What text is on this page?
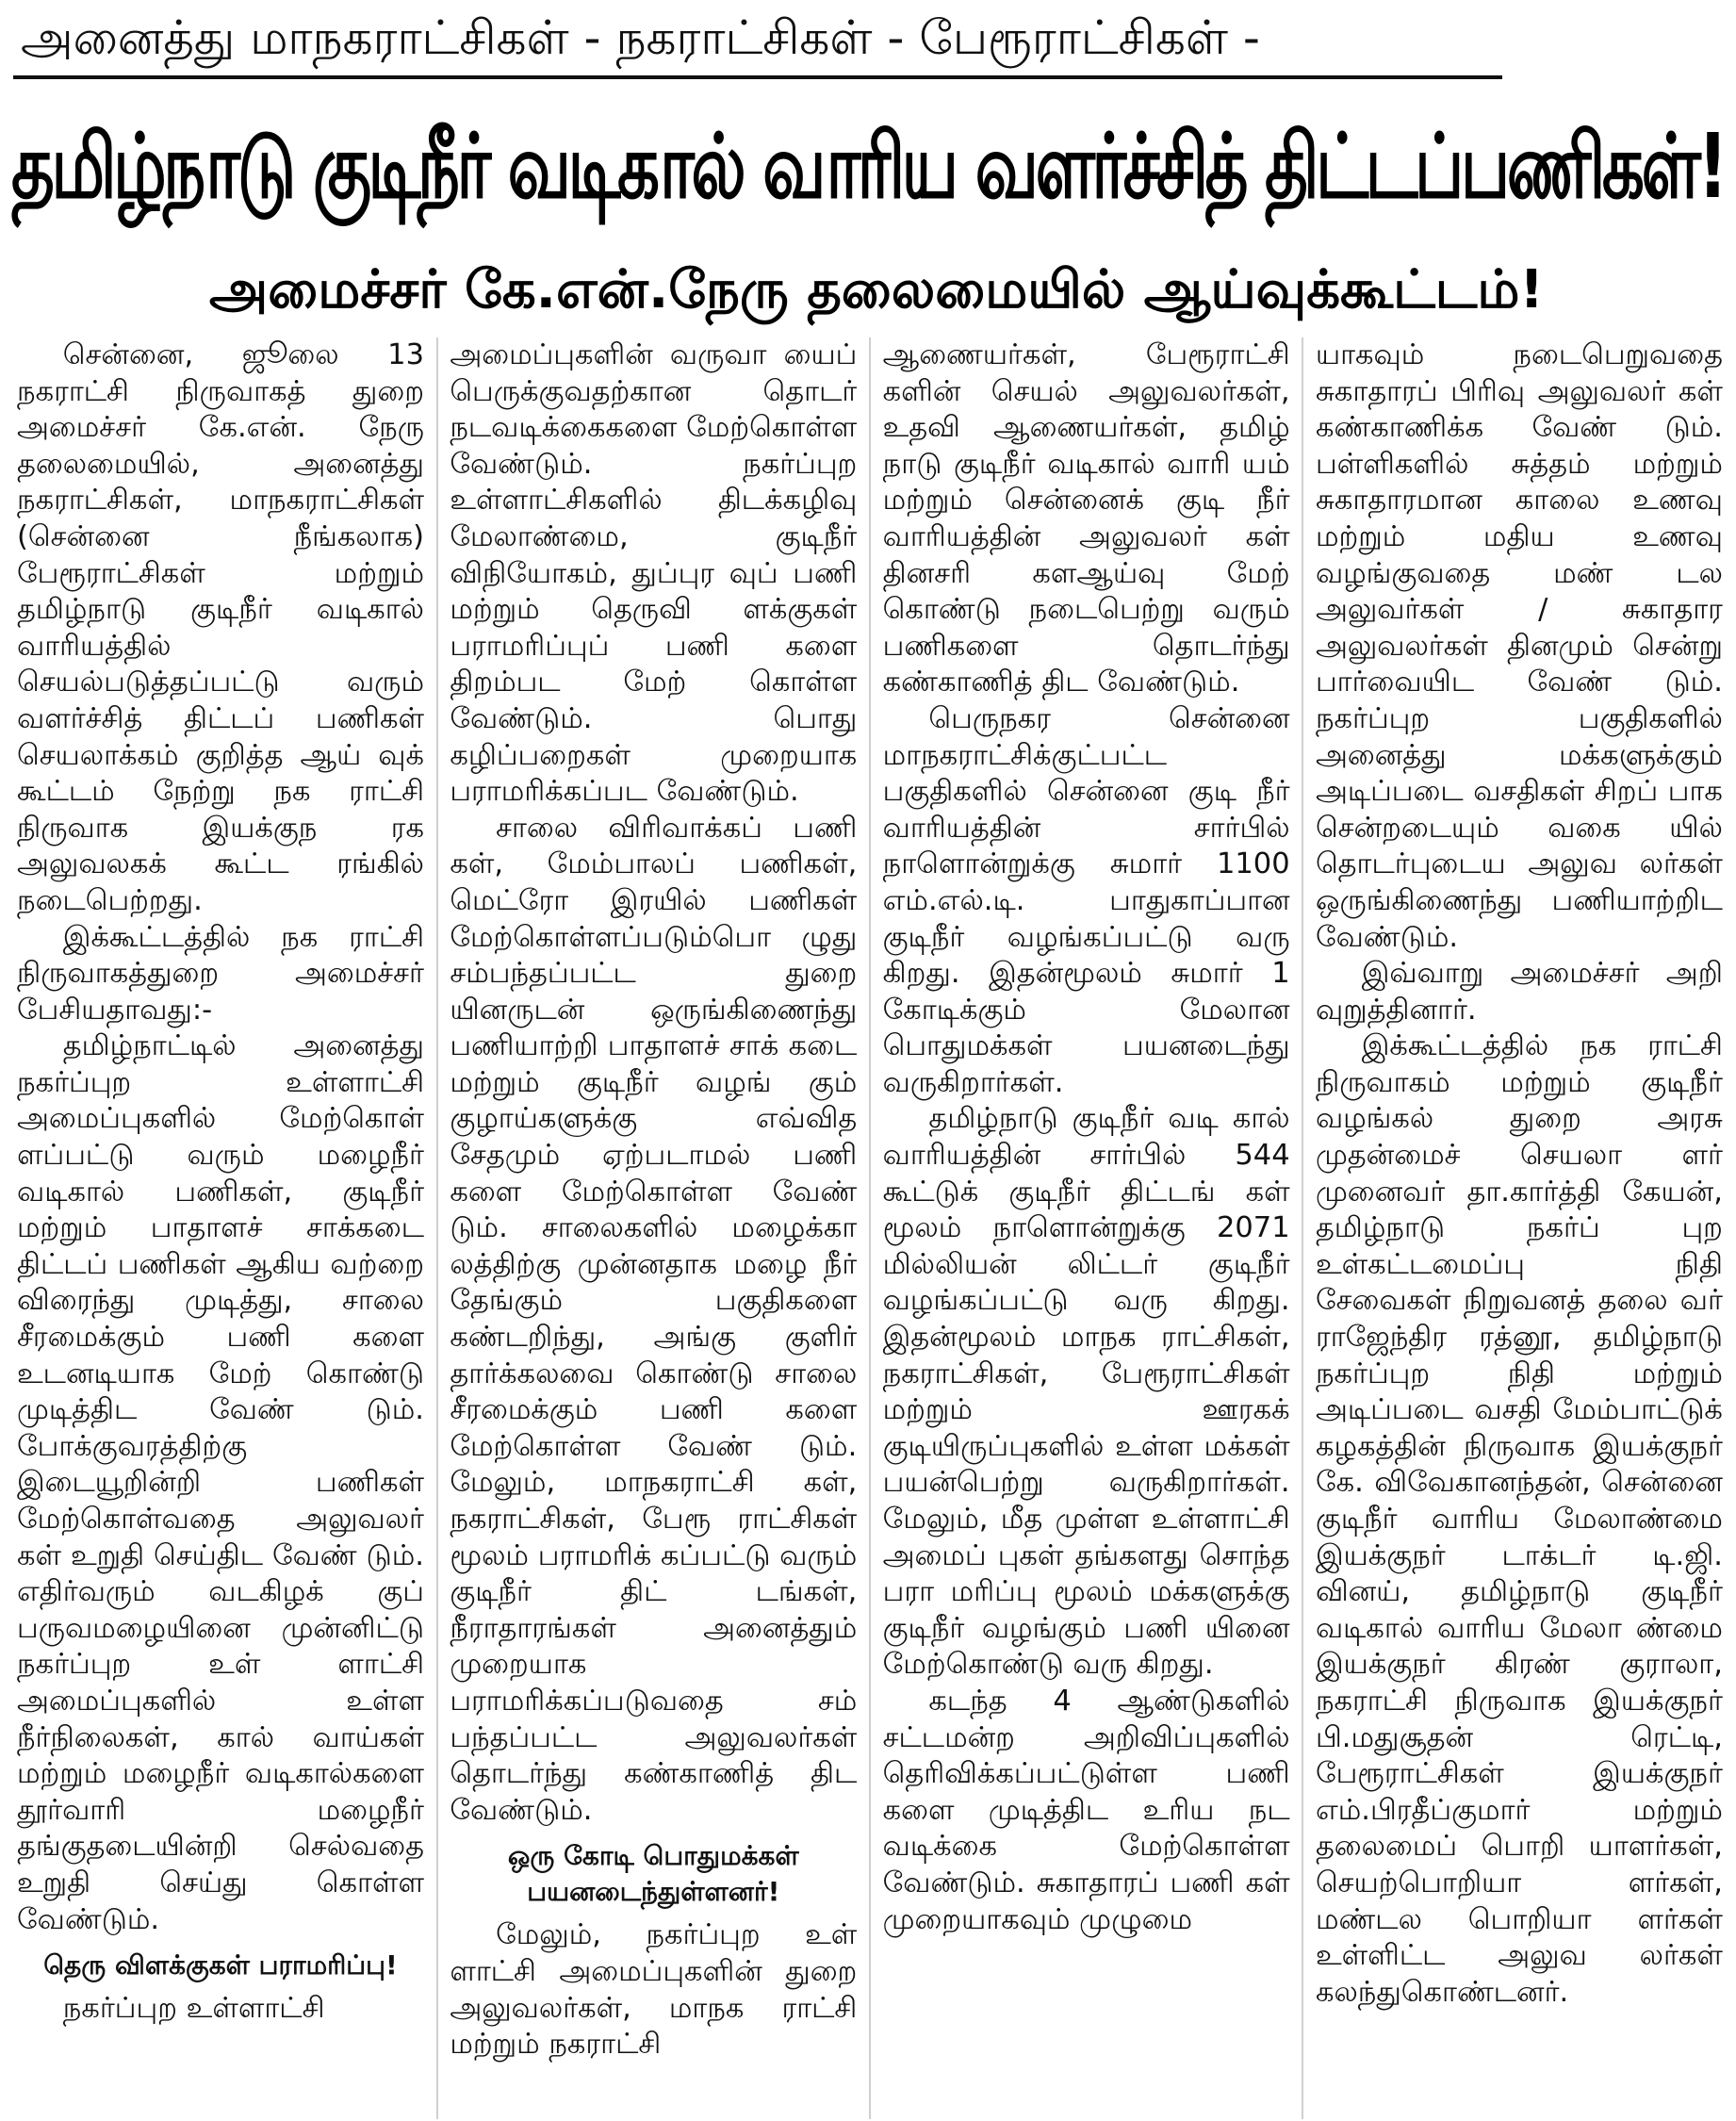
அனைத்து மாநகராட்சிகள் - நகராட்சிகள் - பேரூராட்சிகள் -
தமிழ்நாடு குடிநீர் வடிகால் வாரிய வளர்ச்சித் திட்டப்பணிகள்!
அமைச்சர் கே.என்.நேரு தலைமையில் ஆய்வுக்கூட்டம்!

சென்னை, ஜூலை 13 நகராட்சி நிருவாகத் துறை அமைச்சர் கே.என். நேரு தலைமையில், அனைத்து நகராட்சிகள், மாநகராட்சிகள் (சென்னை நீங்கலாக) பேரூராட்சிகள் மற்றும் தமிழ்நாடு குடிநீர் வடிகால் வாரியத்தில் செயல்படுத்தப்பட்டு வரும் வளர்ச்சித் திட்டப் பணிகள் செயலாக்கம் குறித்த ஆய் வுக் கூட்டம் நேற்று நக ராட்சி நிருவாக இயக்குந ரக அலுவலகக் கூட்ட ரங்கில் நடைபெற்றது.

இக்கூட்டத்தில் நக ராட்சி நிருவாகத்துறை அமைச்சர் பேசியதாவது:-

தமிழ்நாட்டில் அனைத்து நகர்ப்புற உள்ளாட்சி அமைப்புகளில் மேற்கொள் ளப்பட்டு வரும் மழைநீர் வடிகால் பணிகள், குடிநீர் மற்றும் பாதாளச் சாக்கடை திட்டப் பணிகள் ஆகிய வற்றை விரைந்து முடித்து, சாலை சீரமைக்கும் பணி களை உடனடியாக மேற் கொண்டு முடித்திட வேண் டும். போக்குவரத்திற்கு இடையூறின்றி பணிகள் மேற்கொள்வதை அலுவலர் கள் உறுதி செய்திட வேண் டும். எதிர்வரும் வடகிழக் குப் பருவமழையினை முன்னிட்டு நகர்ப்புற உள் ளாட்சி அமைப்புகளில் உள்ள நீர்நிலைகள், கால் வாய்கள் மற்றும் மழைநீர் வடிகால்களை தூர்வாரி மழைநீர் தங்குதடையின்றி செல்வதை உறுதி செய்து கொள்ள வேண்டும்.

தெரு விளக்குகள் பராமரிப்பு!

நகர்ப்புற உள்ளாட்சி

அமைப்புகளின் வருவா யைப் பெருக்குவதற்கான தொடர் நடவடிக்கைகளை மேற்கொள்ள வேண்டும். நகர்ப்புற உள்ளாட்சிகளில் திடக்கழிவு மேலாண்மை, குடிநீர் விநியோகம், துப்புர வுப் பணி மற்றும் தெருவி ளக்குகள் பராமரிப்புப் பணி களை திறம்பட மேற் கொள்ள வேண்டும். பொது கழிப்பறைகள் முறையாக பராமரிக்கப்பட வேண்டும்.

சாலை விரிவாக்கப் பணி கள், மேம்பாலப் பணிகள், மெட்ரோ இரயில் பணிகள் மேற்கொள்ளப்படும்பொ ழுது சம்பந்தப்பட்ட துறை யினருடன் ஒருங்கிணைந்து பணியாற்றி பாதாளச் சாக் கடை மற்றும் குடிநீர் வழங் கும் குழாய்களுக்கு எவ்வித சேதமும் ஏற்படாமல் பணி களை மேற்கொள்ள வேண் டும். சாலைகளில் மழைக்கா லத்திற்கு முன்னதாக மழை நீர் தேங்கும் பகுதிகளை கண்டறிந்து, அங்கு குளிர் தார்க்கலவை கொண்டு சாலை சீரமைக்கும் பணி களை மேற்கொள்ள வேண் டும். மேலும், மாநகராட்சி கள், நகராட்சிகள், பேரூ ராட்சிகள் மூலம் பராமரிக் கப்பட்டு வரும் குடிநீர் திட் டங்கள், நீராதாரங்கள் அனைத்தும் முறையாக பராமரிக்கப்படுவதை சம் பந்தப்பட்ட அலுவலர்கள் தொடர்ந்து கண்காணித் திட வேண்டும்.

ஒரு கோடி பொதுமக்கள் பயனடைந்துள்ளனர்!

மேலும், நகர்ப்புற உள் ளாட்சி அமைப்புகளின் துறை அலுவலர்கள், மாநக ராட்சி மற்றும் நகராட்சி

ஆணையர்கள், பேரூராட்சி களின் செயல் அலுவலர்கள், உதவி ஆணையர்கள், தமிழ் நாடு குடிநீர் வடிகால் வாரி யம் மற்றும் சென்னைக் குடி நீர் வாரியத்தின் அலுவலர் கள் தினசரி களஆய்வு மேற் கொண்டு நடைபெற்று வரும் பணிகளை தொடர்ந்து கண்காணித் திட வேண்டும்.

பெருநகர சென்னை மாநகராட்சிக்குட்பட்ட பகுதிகளில் சென்னை குடி நீர் வாரியத்தின் சார்பில் நாளொன்றுக்கு சுமார் 1100 எம்.எல்.டி. பாதுகாப்பான குடிநீர் வழங்கப்பட்டு வரு கிறது. இதன்மூலம் சுமார் 1 கோடிக்கும் மேலான பொதுமக்கள் பயனடைந்து வருகிறார்கள்.

தமிழ்நாடு குடிநீர் வடி கால் வாரியத்தின் சார்பில் 544 கூட்டுக் குடிநீர் திட்டங் கள் மூலம் நாளொன்றுக்கு 2071 மில்லியன் லிட்டர் குடிநீர் வழங்கப்பட்டு வரு கிறது. இதன்மூலம் மாநக ராட்சிகள், நகராட்சிகள், பேரூராட்சிகள் மற்றும் ஊரகக் குடியிருப்புகளில் உள்ள மக்கள் பயன்பெற்று வருகிறார்கள். மேலும், மீத முள்ள உள்ளாட்சி அமைப் புகள் தங்களது சொந்த பரா மரிப்பு மூலம் மக்களுக்கு குடிநீர் வழங்கும் பணி யினை மேற்கொண்டு வரு கிறது.

கடந்த 4 ஆண்டுகளில் சட்டமன்ற அறிவிப்புகளில் தெரிவிக்கப்பட்டுள்ள பணி களை முடித்திட உரிய நட வடிக்கை மேற்கொள்ள வேண்டும். சுகாதாரப் பணி கள் முறையாகவும் முழுமை

யாகவும் நடைபெறுவதை சுகாதாரப் பிரிவு அலுவலர் கள் கண்காணிக்க வேண் டும். பள்ளிகளில் சுத்தம் மற்றும் சுகாதாரமான காலை உணவு மற்றும் மதிய உணவு வழங்குவதை மண் டல அலுவர்கள் / சுகாதார அலுவலர்கள் தினமும் சென்று பார்வையிட வேண் டும். நகர்ப்புற பகுதிகளில் அனைத்து மக்களுக்கும் அடிப்படை வசதிகள் சிறப் பாக சென்றடையும் வகை யில் தொடர்புடைய அலுவ லர்கள் ஒருங்கிணைந்து பணியாற்றிட வேண்டும்.

இவ்வாறு அமைச்சர் அறி வுறுத்தினார்.

இக்கூட்டத்தில் நக ராட்சி நிருவாகம் மற்றும் குடிநீர் வழங்கல் துறை அரசு முதன்மைச் செயலா ளர் முனைவர் தா.கார்த்தி கேயன், தமிழ்நாடு நகர்ப் புற உள்கட்டமைப்பு நிதி சேவைகள் நிறுவனத் தலை வர் ராஜேந்திர ரத்னூ, தமிழ்நாடு நகர்ப்புற நிதி மற்றும் அடிப்படை வசதி மேம்பாட்டுக் கழகத்தின் நிருவாக இயக்குநர் கே. விவேகானந்தன், சென்னை குடிநீர் வாரிய மேலாண்மை இயக்குநர் டாக்டர் டி.ஜி. வினய், தமிழ்நாடு குடிநீர் வடிகால் வாரிய மேலா ண்மை இயக்குநர் கிரண் குராலா, நகராட்சி நிருவாக இயக்குநர் பி.மதுசூதன் ரெட்டி, பேரூராட்சிகள் இயக்குநர் எம்.பிரதீப்குமார் மற்றும் தலைமைப் பொறி யாளர்கள், செயற்பொறியா ளர்கள், மண்டல பொறியா ளர்கள் உள்ளிட்ட அலுவ லர்கள் கலந்துகொண்டனர்.
